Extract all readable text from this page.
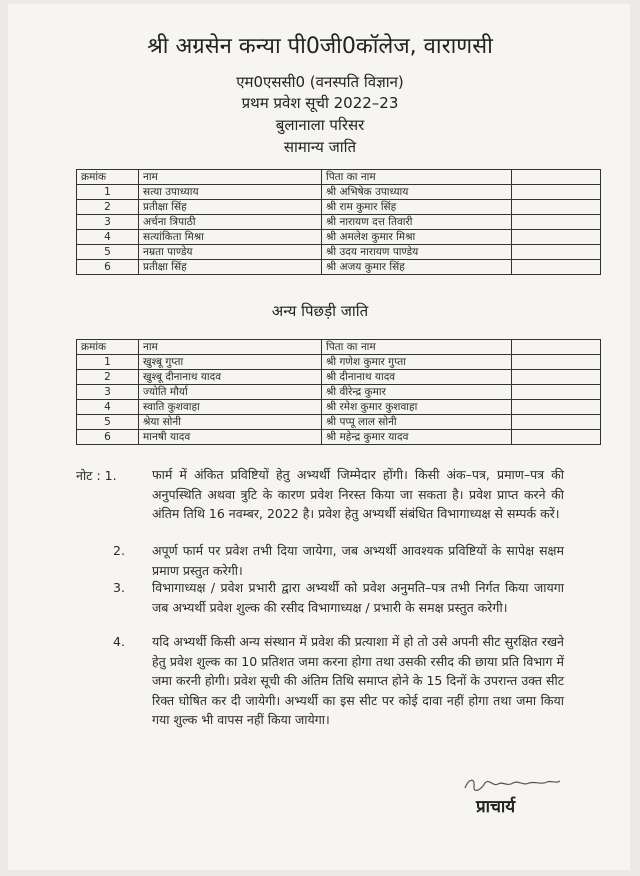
श्री अग्रसेन कन्या पी0जी0कॉलेज, वाराणसी
एम0एससी0 (वनस्पति विज्ञान)
प्रथम प्रवेश सूची 2022–23
बुलानाला परिसर
सामान्य जाति
क्रमांक	नाम	पिता का नाम	
1	सत्या उपाध्याय	श्री अभिषेक उपाध्याय	
2	प्रतीक्षा सिंह	श्री राम कुमार सिंह	
3	अर्चना त्रिपाठी	श्री नारायण दत्त तिवारी	
4	सत्यांकिता मिश्रा	श्री अमलेश कुमार मिश्रा	
5	नम्रता पाण्डेय	श्री उदय नारायण पाण्डेय	
6	प्रतीक्षा सिंह	श्री अजय कुमार सिंह	
अन्य पिछड़ी जाति
क्रमांक	नाम	पिता का नाम	
1	खुश्बू गुप्ता	श्री गणेश कुमार गुप्ता	
2	खुश्बू दीनानाथ यादव	श्री दीनानाथ यादव	
3	ज्योति मौर्या	श्री वीरेन्द्र कुमार	
4	स्वाति कुशवाहा	श्री रमेश कुमार कुशवाहा	
5	श्रेया सोनी	श्री पप्पू लाल सोनी	
6	मानषी यादव	श्री महेन्द्र कुमार यादव	
नोट : 1.	फार्म में अंकित प्रविष्टियों हेतु अभ्यर्थी जिम्मेदार होंगी। किसी अंक–पत्र, प्रमाण–पत्र की अनुपस्थिति अथवा त्रुटि के कारण प्रवेश निरस्त किया जा सकता है। प्रवेश प्राप्त करने की अंतिम तिथि 16 नवम्बर, 2022 है। प्रवेश हेतु अभ्यर्थी संबंधित विभागाध्यक्ष से सम्पर्क करें।
2. अपूर्ण फार्म पर प्रवेश तभी दिया जायेगा, जब अभ्यर्थी आवश्यक प्रविष्टियों के सापेक्ष सक्षम प्रमाण प्रस्तुत करेगी।
3. विभागाध्यक्ष / प्रवेश प्रभारी द्वारा अभ्यर्थी को प्रवेश अनुमति–पत्र तभी निर्गत किया जायगा जब अभ्यर्थी प्रवेश शुल्क की रसीद विभागाध्यक्ष / प्रभारी के समक्ष प्रस्तुत करेगी।
4. यदि अभ्यर्थी किसी अन्य संस्थान में प्रवेश की प्रत्याशा में हो तो उसे अपनी सीट सुरक्षित रखने हेतु प्रवेश शुल्क का 10 प्रतिशत जमा करना होगा तथा उसकी रसीद की छाया प्रति विभाग में जमा करनी होगी। प्रवेश सूची की अंतिम तिथि समाप्त होने के 15 दिनों के उपरान्त उक्त सीट रिक्त घोषित कर दी जायेगी। अभ्यर्थी का इस सीट पर कोई दावा नहीं होगा तथा जमा किया गया शुल्क भी वापस नहीं किया जायेगा।
प्राचार्य
